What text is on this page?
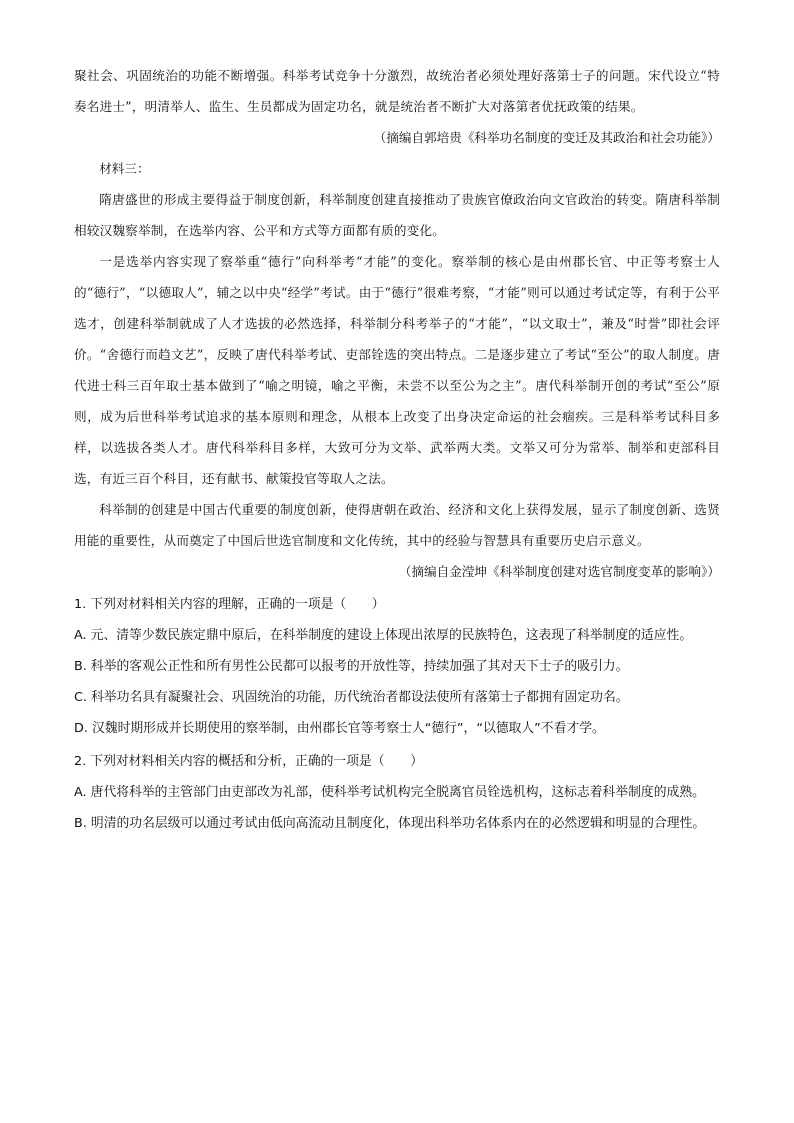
聚社会、巩固统治的功能不断增强。科举考试竞争十分激烈，故统治者必须处理好落第士子的问题。宋代设立“特奏名进士”，明清举人、监生、生员都成为固定功名，就是统治者不断扩大对落第者优抚政策的结果。

（摘编自郭培贵《科举功名制度的变迁及其政治和社会功能》）

材料三：

隋唐盛世的形成主要得益于制度创新，科举制度创建直接推动了贵族官僚政治向文官政治的转变。隋唐科举制相较汉魏察举制，在选举内容、公平和方式等方面都有质的变化。

一是选举内容实现了察举重“德行”向科举考“才能”的变化。察举制的核心是由州郡长官、中正等考察士人的“德行”，“以德取人”，辅之以中央“经学”考试。由于“德行”很难考察，“才能”则可以通过考试定等，有利于公平选才，创建科举制就成了人才选拔的必然选择，科举制分科考举子的“才能”，“以文取士”，兼及“时誉”即社会评价。“舍德行而趋文艺”，反映了唐代科举考试、吏部铨选的突出特点。二是逐步建立了考试“至公”的取人制度。唐代进士科三百年取士基本做到了“喻之明镜，喻之平衡，未尝不以至公为之主”。唐代科举制开创的考试“至公”原则，成为后世科举考试追求的基本原则和理念，从根本上改变了出身决定命运的社会痼疾。三是科举考试科目多样，以选拔各类人才。唐代科举科目多样，大致可分为文举、武举两大类。文举又可分为常举、制举和吏部科目选，有近三百个科目，还有献书、献策投官等取人之法。

科举制的创建是中国古代重要的制度创新，使得唐朝在政治、经济和文化上获得发展，显示了制度创新、选贤用能的重要性，从而奠定了中国后世选官制度和文化传统，其中的经验与智慧具有重要历史启示意义。

（摘编自金滢坤《科举制度创建对选官制度变革的影响》）

1. 下列对材料相关内容的理解，正确的一项是（　　）

A. 元、清等少数民族定鼎中原后，在科举制度的建设上体现出浓厚的民族特色，这表现了科举制度的适应性。

B. 科举的客观公正性和所有男性公民都可以报考的开放性等，持续加强了其对天下士子的吸引力。

C. 科举功名具有凝聚社会、巩固统治的功能，历代统治者都设法使所有落第士子都拥有固定功名。

D. 汉魏时期形成并长期使用的察举制，由州郡长官等考察士人“德行”，“以德取人”不看才学。

2. 下列对材料相关内容的概括和分析，正确的一项是（　　）

A. 唐代将科举的主管部门由吏部改为礼部，使科举考试机构完全脱离官员铨选机构，这标志着科举制度的成熟。

B. 明清的功名层级可以通过考试由低向高流动且制度化，体现出科举功名体系内在的必然逻辑和明显的合理性。
